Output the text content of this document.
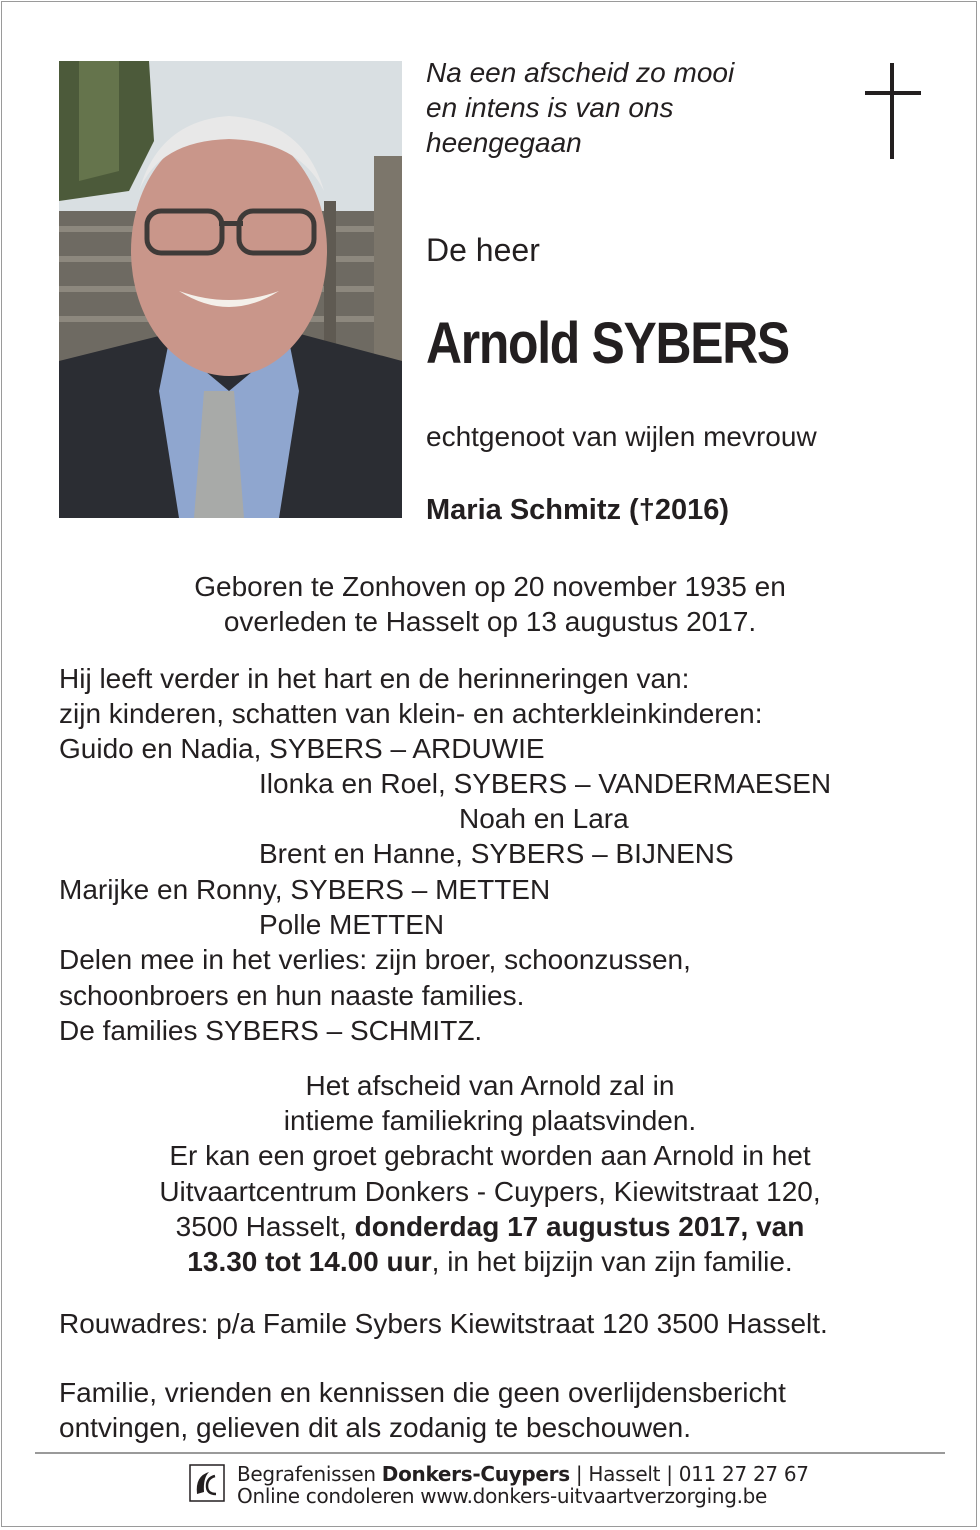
Na een afscheid zo mooi
en intens is van ons
heengegaan
De heer
Arnold SYBERS
echtgenoot van wijlen mevrouw
Maria Schmitz (†2016)
Geboren te Zonhoven op 20 november 1935 en
overleden te Hasselt op 13 augustus 2017.
Hij leeft verder in het hart en de herinneringen van:
zijn kinderen, schatten van klein- en achterkleinkinderen:
Guido en Nadia, SYBERS – ARDUWIE
Ilonka en Roel, SYBERS – VANDERMAESEN
Noah en Lara
Brent en Hanne, SYBERS – BIJNENS
Marijke en Ronny, SYBERS – METTEN
Polle METTEN
Delen mee in het verlies: zijn broer, schoonzussen,
schoonbroers en hun naaste families.
De families SYBERS – SCHMITZ.
Het afscheid van Arnold zal in
intieme familiekring plaatsvinden.
Er kan een groet gebracht worden aan Arnold in het
Uitvaartcentrum Donkers - Cuypers, Kiewitstraat 120,
3500 Hasselt, donderdag 17 augustus 2017, van
13.30 tot 14.00 uur, in het bijzijn van zijn familie.
Rouwadres: p/a Famile Sybers Kiewitstraat 120 3500 Hasselt.
Familie, vrienden en kennissen die geen overlijdensbericht
ontvingen, gelieven dit als zodanig te beschouwen.
Begrafenissen Donkers-Cuypers | Hasselt | 011 27 27 67
Online condoleren www.donkers-uitvaartverzorging.be
